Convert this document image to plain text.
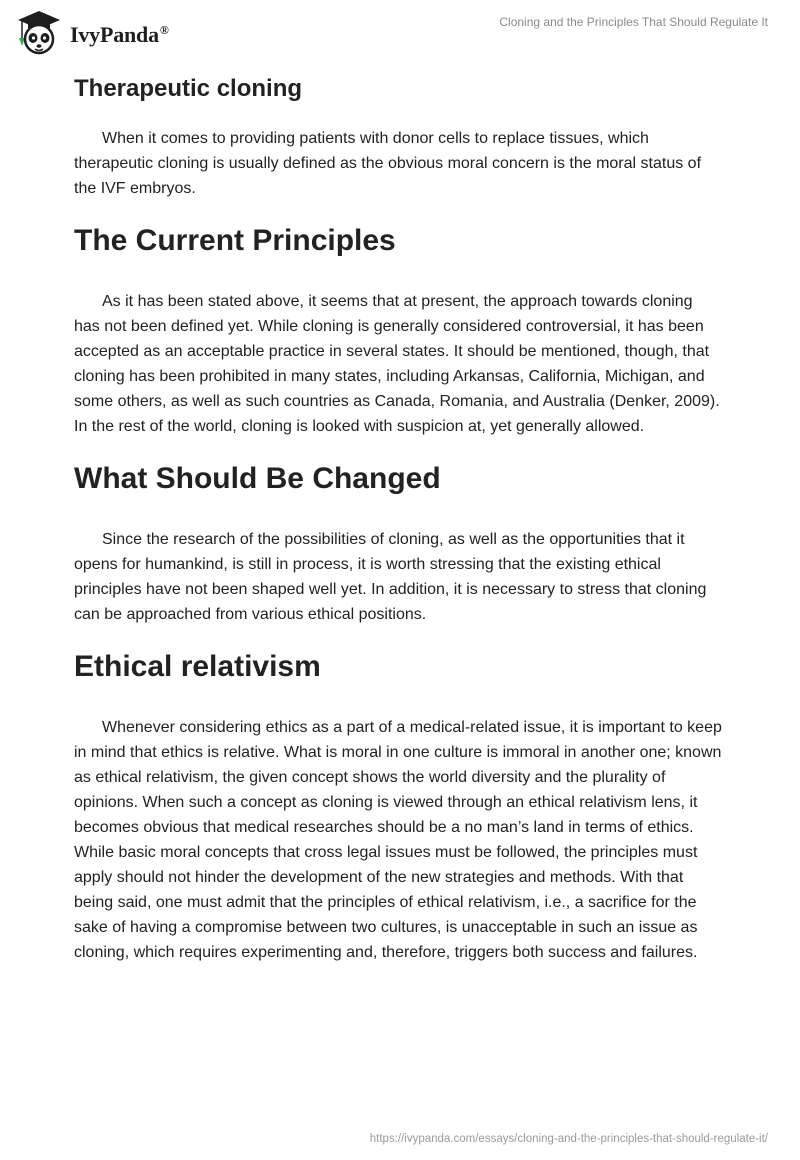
IvyPanda®
Cloning and the Principles That Should Regulate It
Therapeutic cloning

When it comes to providing patients with donor cells to replace tissues, which therapeutic cloning is usually defined as the obvious moral concern is the moral status of the IVF embryos.

The Current Principles

As it has been stated above, it seems that at present, the approach towards cloning has not been defined yet. While cloning is generally considered controversial, it has been accepted as an acceptable practice in several states. It should be mentioned, though, that cloning has been prohibited in many states, including Arkansas, California, Michigan, and some others, as well as such countries as Canada, Romania, and Australia (Denker, 2009). In the rest of the world, cloning is looked with suspicion at, yet generally allowed.

What Should Be Changed

Since the research of the possibilities of cloning, as well as the opportunities that it opens for humankind, is still in process, it is worth stressing that the existing ethical principles have not been shaped well yet. In addition, it is necessary to stress that cloning can be approached from various ethical positions.

Ethical relativism

Whenever considering ethics as a part of a medical-related issue, it is important to keep in mind that ethics is relative. What is moral in one culture is immoral in another one; known as ethical relativism, the given concept shows the world diversity and the plurality of opinions. When such a concept as cloning is viewed through an ethical relativism lens, it becomes obvious that medical researches should be a no man’s land in terms of ethics. While basic moral concepts that cross legal issues must be followed, the principles must apply should not hinder the development of the new strategies and methods. With that being said, one must admit that the principles of ethical relativism, i.e., a sacrifice for the sake of having a compromise between two cultures, is unacceptable in such an issue as cloning, which requires experimenting and, therefore, triggers both success and failures.

https://ivypanda.com/essays/cloning-and-the-principles-that-should-regulate-it/
